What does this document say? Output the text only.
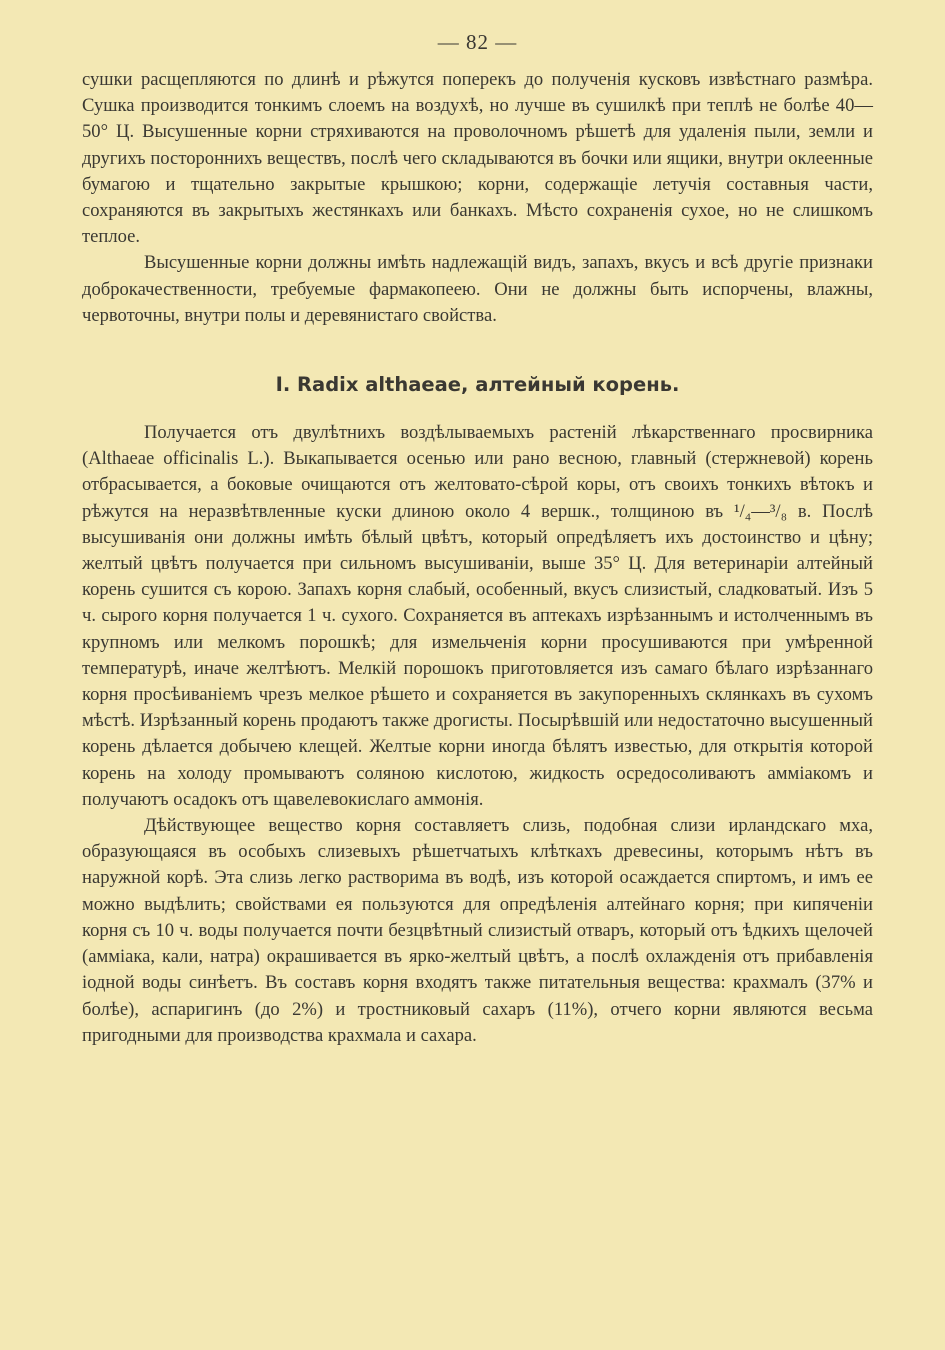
— 82 —

сушки расщепляются по длинѣ и рѣжутся поперекъ до полученія кусковъ извѣстнаго размѣра. Сушка производится тонкимъ слоемъ на воздухѣ, но лучше въ сушилкѣ при теплѣ не болѣе 40—50° Ц. Высушенные корни стряхиваются на проволочномъ рѣшетѣ для удаленія пыли, земли и другихъ постороннихъ веществъ, послѣ чего складываются въ бочки или ящики, внутри оклеенные бумагою и тщательно закрытые крышкою; корни, содержащіе летучія составныя части, сохраняются въ закрытыхъ жестянкахъ или банкахъ. Мѣсто сохраненія сухое, но не слишкомъ теплое.

Высушенные корни должны имѣть надлежащій видъ, запахъ, вкусъ и всѣ другіе признаки доброкачественности, требуемые фармакопеею. Они не должны быть испорчены, влажны, червоточны, внутри полы и деревянистаго свойства.

I. Radix althaeae, алтейный корень.

Получается отъ двулѣтнихъ воздѣлываемыхъ растеній лѣкарственнаго просвирника (Althaeae officinalis L.). Выкапывается осенью или рано весною, главный (стержневой) корень отбрасывается, а боковые очищаются отъ желтовато-сѣрой коры, отъ своихъ тонкихъ вѣтокъ и рѣжутся на неразвѣтвленные куски длиною около 4 вершк., толщиною въ ¹/₄—³/₈ в. Послѣ высушиванія они должны имѣть бѣлый цвѣтъ, который опредѣляетъ ихъ достоинство и цѣну; желтый цвѣтъ получается при сильномъ высушиваніи, выше 35° Ц. Для ветеринаріи алтейный корень сушится съ корою. Запахъ корня слабый, особенный, вкусъ слизистый, сладковатый. Изъ 5 ч. сырого корня получается 1 ч. сухого. Сохраняется въ аптекахъ изрѣзаннымъ и истолченнымъ въ крупномъ или мелкомъ порошкѣ; для измельченія корни просушиваются при умѣренной температурѣ, иначе желтѣютъ. Мелкій порошокъ приготовляется изъ самаго бѣлаго изрѣзаннаго корня просѣиваніемъ чрезъ мелкое рѣшето и сохраняется въ закупоренныхъ склянкахъ въ сухомъ мѣстѣ. Изрѣзанный корень продаютъ также дрогисты. Посырѣвшій или недостаточно высушенный корень дѣлается добычею клещей. Желтые корни иногда бѣлятъ известью, для открытія которой корень на холоду промываютъ соляною кислотою, жидкость осредосоливаютъ амміакомъ и получаютъ осадокъ отъ щавелевокислаго аммонія.

Дѣйствующее вещество корня составляетъ слизь, подобная слизи ирландскаго мха, образующаяся въ особыхъ слизевыхъ рѣшетчатыхъ клѣткахъ древесины, которымъ нѣтъ въ наружной корѣ. Эта слизь легко растворима въ водѣ, изъ которой осаждается спиртомъ, и имъ ее можно выдѣлить; свойствами ея пользуются для опредѣленія алтейнаго корня; при кипяченіи корня съ 10 ч. воды получается почти безцвѣтный слизистый отваръ, который отъ ѣдкихъ щелочей (амміака, кали, натра) окрашивается въ ярко-желтый цвѣтъ, а послѣ охлажденія отъ прибавленія іодной воды синѣетъ. Въ составъ корня входятъ также питательныя вещества: крахмалъ (37% и болѣе), аспаригинъ (до 2%) и тростниковый сахаръ (11%), отчего корни являются весьма пригодными для производства крахмала и сахара.
